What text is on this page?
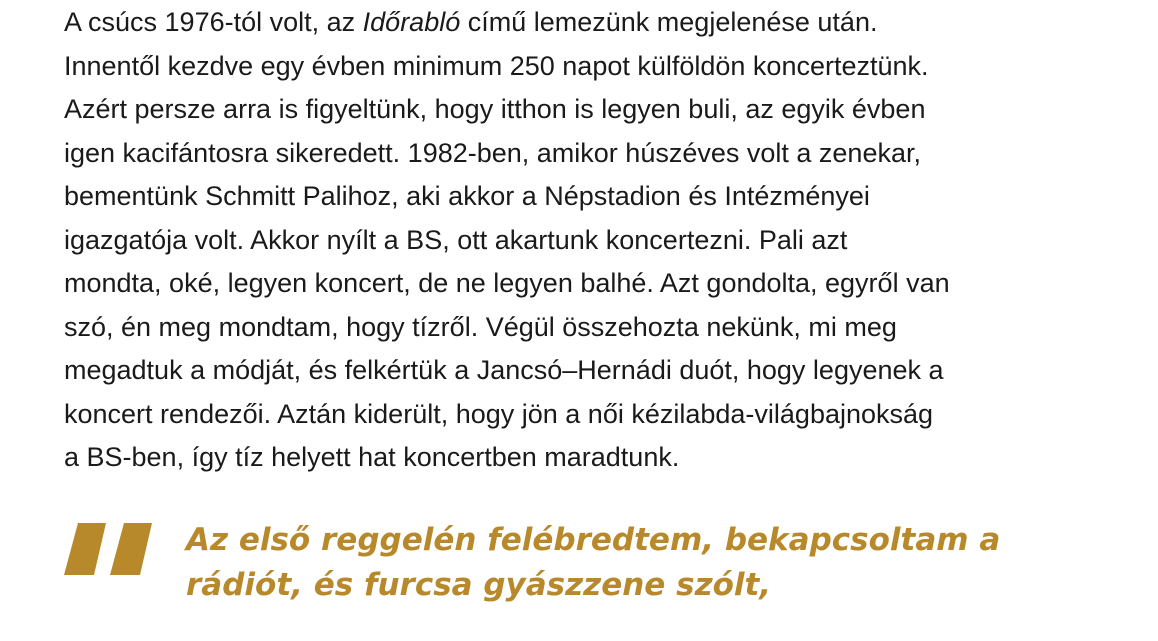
A csúcs 1976-tól volt, az Időrabló című lemezünk megjelenése után.
Innentől kezdve egy évben minimum 250 napot külföldön koncerteztünk.
Azért persze arra is figyeltünk, hogy itthon is legyen buli, az egyik évben
igen kacifántosra sikeredett. 1982-ben, amikor húszéves volt a zenekar,
bementünk Schmitt Palihoz, aki akkor a Népstadion és Intézményei
igazgatója volt. Akkor nyílt a BS, ott akartunk koncertezni. Pali azt
mondta, oké, legyen koncert, de ne legyen balhé. Azt gondolta, egyről van
szó, én meg mondtam, hogy tízről. Végül összehozta nekünk, mi meg
megadtuk a módját, és felkértük a Jancsó–Hernádi duót, hogy legyenek a
koncert rendezői. Aztán kiderült, hogy jön a női kézilabda-világbajnokság
a BS-ben, így tíz helyett hat koncertben maradtunk.

Az első reggelén felébredtem, bekapcsoltam a
rádiót, és furcsa gyászzene szólt,
